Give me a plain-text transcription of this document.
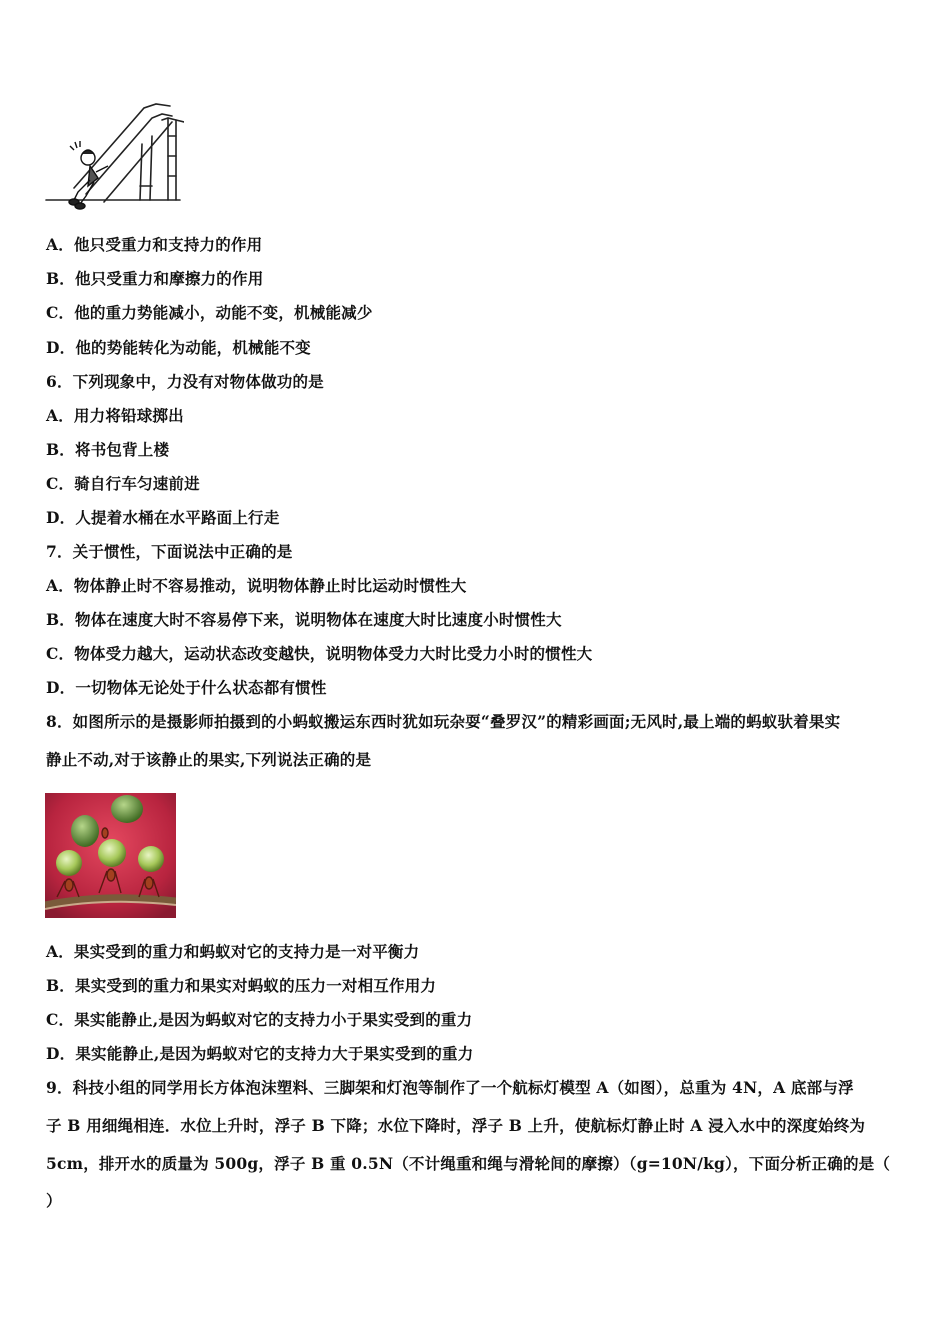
A．他只受重力和支持力的作用
B．他只受重力和摩擦力的作用
C．他的重力势能减小，动能不变，机械能减少
D．他的势能转化为动能，机械能不变
6．下列现象中，力没有对物体做功的是
A．用力将铅球掷出
B．将书包背上楼
C．骑自行车匀速前进
D．人提着水桶在水平路面上行走
7．关于惯性，下面说法中正确的是
A．物体静止时不容易推动，说明物体静止时比运动时惯性大
B．物体在速度大时不容易停下来，说明物体在速度大时比速度小时惯性大
C．物体受力越大，运动状态改变越快，说明物体受力大时比受力小时的惯性大
D．一切物体无论处于什么状态都有惯性
8．如图所示的是摄影师拍摄到的小蚂蚁搬运东西时犹如玩杂耍“叠罗汉”的精彩画面;无风时,最上端的蚂蚁驮着果实
静止不动,对于该静止的果实,下列说法正确的是
A．果实受到的重力和蚂蚁对它的支持力是一对平衡力
B．果实受到的重力和果实对蚂蚁的压力一对相互作用力
C．果实能静止,是因为蚂蚁对它的支持力小于果实受到的重力
D．果实能静止,是因为蚂蚁对它的支持力大于果实受到的重力
9．科技小组的同学用长方体泡沫塑料、三脚架和灯泡等制作了一个航标灯模型 A（如图），总重为 4N，A 底部与浮
子 B 用细绳相连．水位上升时，浮子 B 下降；水位下降时，浮子 B 上升，使航标灯静止时 A 浸入水中的深度始终为
5cm，排开水的质量为 500g，浮子 B 重 0.5N（不计绳重和绳与滑轮间的摩擦）（g=10N/kg），下面分析正确的是（
）
